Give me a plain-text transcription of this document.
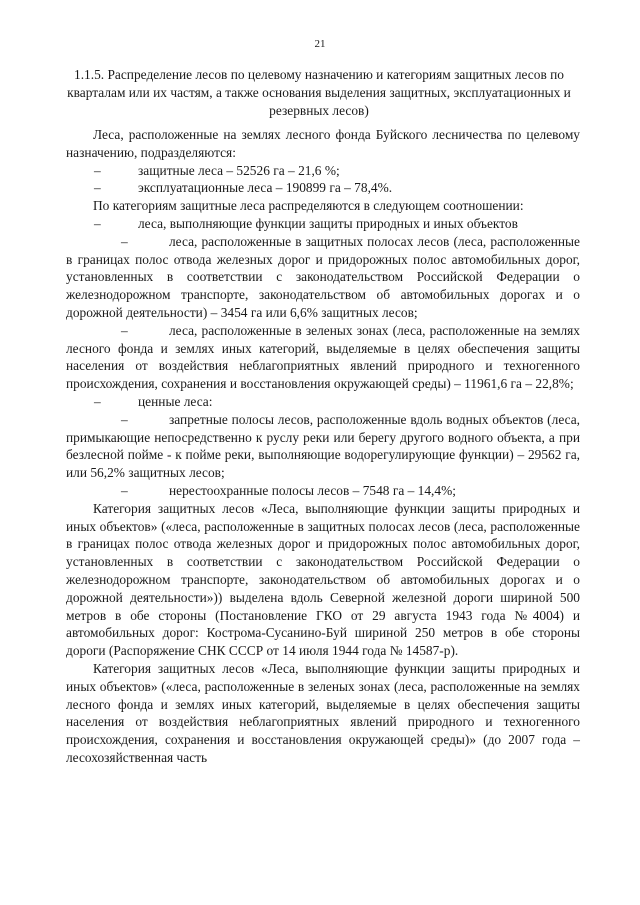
21
1.1.5. Распределение лесов по целевому назначению и категориям защитных лесов по кварталам или их частям, а также основания выделения защитных, эксплуатационных и резервных лесов)

Леса, расположенные на землях лесного фонда Буйского лесничества по целевому назначению, подразделяются:

–	защитные леса – 52526 га – 21,6 %;
–	эксплуатационные леса – 190899 га – 78,4%.

По категориям защитные леса распределяются в следующем соотношении:

–	леса, выполняющие функции защиты природных и иных объектов

–	леса, расположенные в защитных полосах лесов (леса, расположенные в границах полос отвода железных дорог и придорожных полос автомобильных дорог, установленных в соответствии с законодательством Российской Федерации о железнодорожном транспорте, законодательством об автомобильных дорогах и о дорожной деятельности) – 3454 га или 6,6% защитных лесов;

–	леса, расположенные в зеленых зонах (леса, расположенные на землях лесного фонда и землях иных категорий, выделяемые в целях обеспечения защиты населения от воздействия неблагоприятных явлений природного и техногенного происхождения, сохранения и восстановления окружающей среды) – 11961,6 га – 22,8%;

–	ценные леса:

–	запретные полосы лесов, расположенные вдоль водных объектов (леса, примыкающие непосредственно к руслу реки или берегу другого водного объекта, а при безлесной пойме - к пойме реки, выполняющие водорегулирующие функции) – 29562 га, или 56,2% защитных лесов;

–	нерестоохранные полосы лесов – 7548 га – 14,4%;

Категория защитных лесов «Леса, выполняющие функции защиты природных и иных объектов» («леса, расположенные в защитных полосах лесов (леса, расположенные в границах полос отвода железных дорог и придорожных полос автомобильных дорог, установленных в соответствии с законодательством Российской Федерации о железнодорожном транспорте, законодательством об автомобильных дорогах и о дорожной деятельности»)) выделена вдоль Северной железной дороги шириной 500 метров в обе стороны (Постановление ГКО от 29 августа 1943 года №4004) и автомобильных дорог: Кострома-Сусанино-Буй шириной 250 метров в обе стороны дороги (Распоряжение СНК СССР от 14 июля 1944 года № 14587-р).

Категория защитных лесов «Леса, выполняющие функции защиты природных и иных объектов» («леса, расположенные в зеленых зонах (леса, расположенные на землях лесного фонда и землях иных категорий, выделяемые в целях обеспечения защиты населения от воздействия неблагоприятных явлений природного и техногенного происхождения, сохранения и восстановления окружающей среды)» (до 2007 года – лесохозяйственная часть
